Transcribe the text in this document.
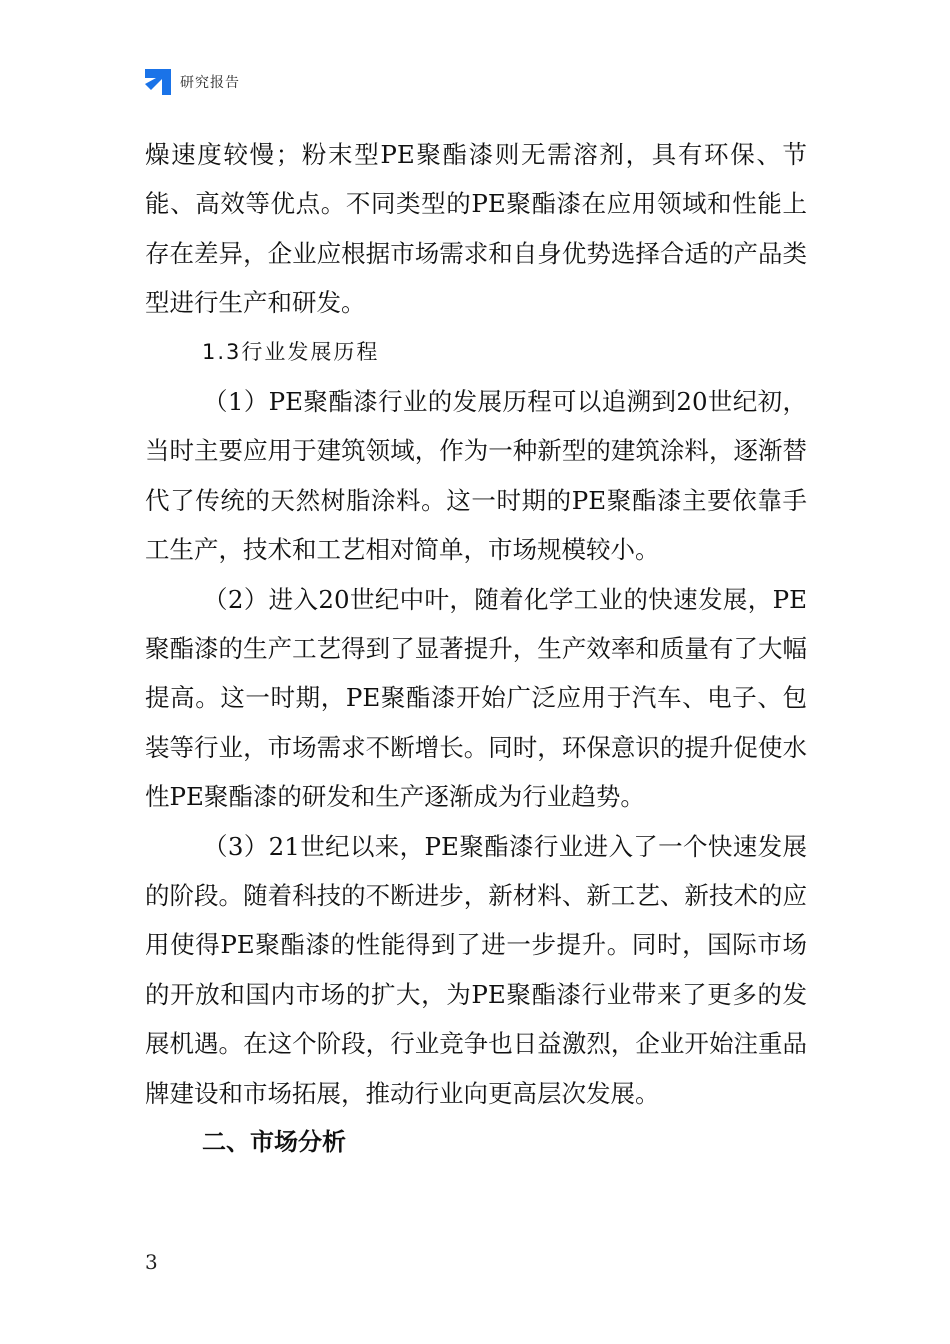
研究报告

燥速度较慢；粉末型PE聚酯漆则无需溶剂，具有环保、节能、高效等优点。不同类型的PE聚酯漆在应用领域和性能上存在差异，企业应根据市场需求和自身优势选择合适的产品类型进行生产和研发。

1.3行业发展历程

（1）PE聚酯漆行业的发展历程可以追溯到20世纪初，当时主要应用于建筑领域，作为一种新型的建筑涂料，逐渐替代了传统的天然树脂涂料。这一时期的PE聚酯漆主要依靠手工生产，技术和工艺相对简单，市场规模较小。

（2）进入20世纪中叶，随着化学工业的快速发展，PE聚酯漆的生产工艺得到了显著提升，生产效率和质量有了大幅提高。这一时期，PE聚酯漆开始广泛应用于汽车、电子、包装等行业，市场需求不断增长。同时，环保意识的提升促使水性PE聚酯漆的研发和生产逐渐成为行业趋势。

（3）21世纪以来，PE聚酯漆行业进入了一个快速发展的阶段。随着科技的不断进步，新材料、新工艺、新技术的应用使得PE聚酯漆的性能得到了进一步提升。同时，国际市场的开放和国内市场的扩大，为PE聚酯漆行业带来了更多的发展机遇。在这个阶段，行业竞争也日益激烈，企业开始注重品牌建设和市场拓展，推动行业向更高层次发展。

二、市场分析

3
